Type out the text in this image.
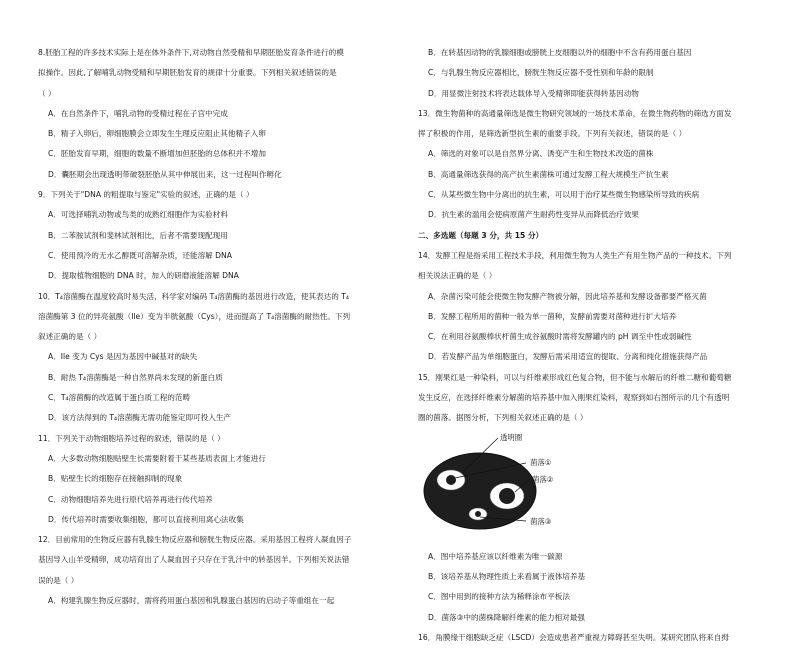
8.胚胎工程的许多技术实际上是在体外条件下,对动物自然受精和早期胚胎发育条件进行的模
拟操作。因此,了解哺乳动物受精和早期胚胎发育的规律十分重要。下列相关叙述错误的是
（ ）
A．在自然条件下，哺乳动物的受精过程在子宫中完成
B．精子入卵后，卵细胞膜会立即发生生理反应阻止其他精子入卵
C．胚胎发育早期，细胞的数量不断增加但胚胎的总体积并不增加
D．囊胚期会出现透明带破裂胚胎从其中伸展出来，这一过程叫作孵化
9．下列关于"DNA 的粗提取与鉴定"实验的叙述，正确的是（ ）
A．可选择哺乳动物或鸟类的成熟红细胞作为实验材料
B．二苯胺试剂和斐林试剂相比，后者不需要现配现用
C．使用预冷的无水乙醇既可溶解杂质，还能溶解 DNA
D．提取植物细胞的 DNA 时，加入的研磨液能溶解 DNA
10．T₄溶菌酶在温度较高时易失活，科学家对编码 T₄溶菌酶的基因进行改造，使其表达的 T₄
溶菌酶第 3 位的异亮氨酸（Ile）变为半胱氨酸（Cys），进而提高了 T₄溶菌酶的耐热性。下列
叙述正确的是（ ）
A．Ile 变为 Cys 是因为基因中碱基对的缺失
B．耐热 T₄溶菌酶是一种自然界尚未发现的新蛋白质
C．T₄溶菌酶的改造属于蛋白质工程的范畴
D．该方法得到的 T₄溶菌酶无需功能鉴定即可投入生产
11．下列关于动物细胞培养过程的叙述，错误的是（ ）
A．大多数动物细胞贴壁生长需要附着于某些基质表面上才能进行
B．贴壁生长的细胞存在接触抑制的现象
C．动物细胞培养先进行原代培养再进行传代培养
D．传代培养时需要收集细胞，都可以直接利用离心法收集
12．目前常用的生物反应器有乳腺生物反应器和膀胱生物反应器。采用基因工程将人凝血因子
基因导入山羊受精卵，成功培育出了人凝血因子只存在于乳汁中的转基因羊。下列相关说法错
误的是（ ）
A．构建乳腺生物反应器时，需将药用蛋白基因和乳腺蛋白基因的启动子等重组在一起
B．在转基因动物的乳腺细胞或膀胱上皮细胞以外的细胞中不含有药用蛋白基因
C．与乳腺生物反应器相比，膀胱生物反应器不受性别和年龄的限制
D．用显微注射技术将表达载体导入受精卵即能获得转基因动物
13．微生物菌种的高通量筛选是微生物研究领域的一场技术革命，在微生物药物的筛选方面发
挥了积极的作用，是筛选新型抗生素的重要手段。下列有关叙述，错误的是（ ）
A．筛选的对象可以是自然界分离、诱变产生和生物技术改造的菌株
B．高通量筛选获得的高产抗生素菌株可通过发酵工程大规模生产抗生素
C．从某些微生物中分离出的抗生素，可以用于治疗某些微生物感染所导致的疾病
D．抗生素的滥用会使病原菌产生耐药性变异从而降低治疗效果
二、多选题（每题 3 分，共 15 分）
14．发酵工程是指采用工程技术手段，利用微生物为人类生产有用生物产品的一种技术。下列
相关说法正确的是（ ）
A．杂菌污染可能会使微生物发酵产物被分解，因此培养基和发酵设备都要严格灭菌
B．发酵工程所用的菌种一般为单一菌种，发酵前需要对菌种进行扩大培养
C．在利用谷氨酸棒状杆菌生成谷氨酸时需将发酵罐内的 pH 调至中性或弱碱性
D．若发酵产品为单细胞蛋白，发酵后需采用适宜的提取、分离和纯化措施获得产品
15．刚果红是一种染料，可以与纤维素形成红色复合物，但不能与水解后的纤维二糖和葡萄糖
发生反应，在选择纤维素分解菌的培养基中加入刚果红染料，观察到如右图所示的几个有透明
圈的菌落。据图分析，下列相关叙述正确的是（ ）
透明圈
菌落①
菌落②
菌落③
A．图中培养基应该以纤维素为唯一碳源
B．该培养基从物理性质上来看属于液体培养基
C．图中用到的接种方法为稀释涂布平板法
D．菌落③中的菌株降解纤维素的能力相对最强
16．角膜缘干细胞缺乏症（LSCD）会造成患者严重视力障碍甚至失明。某研究团队将来自拇
